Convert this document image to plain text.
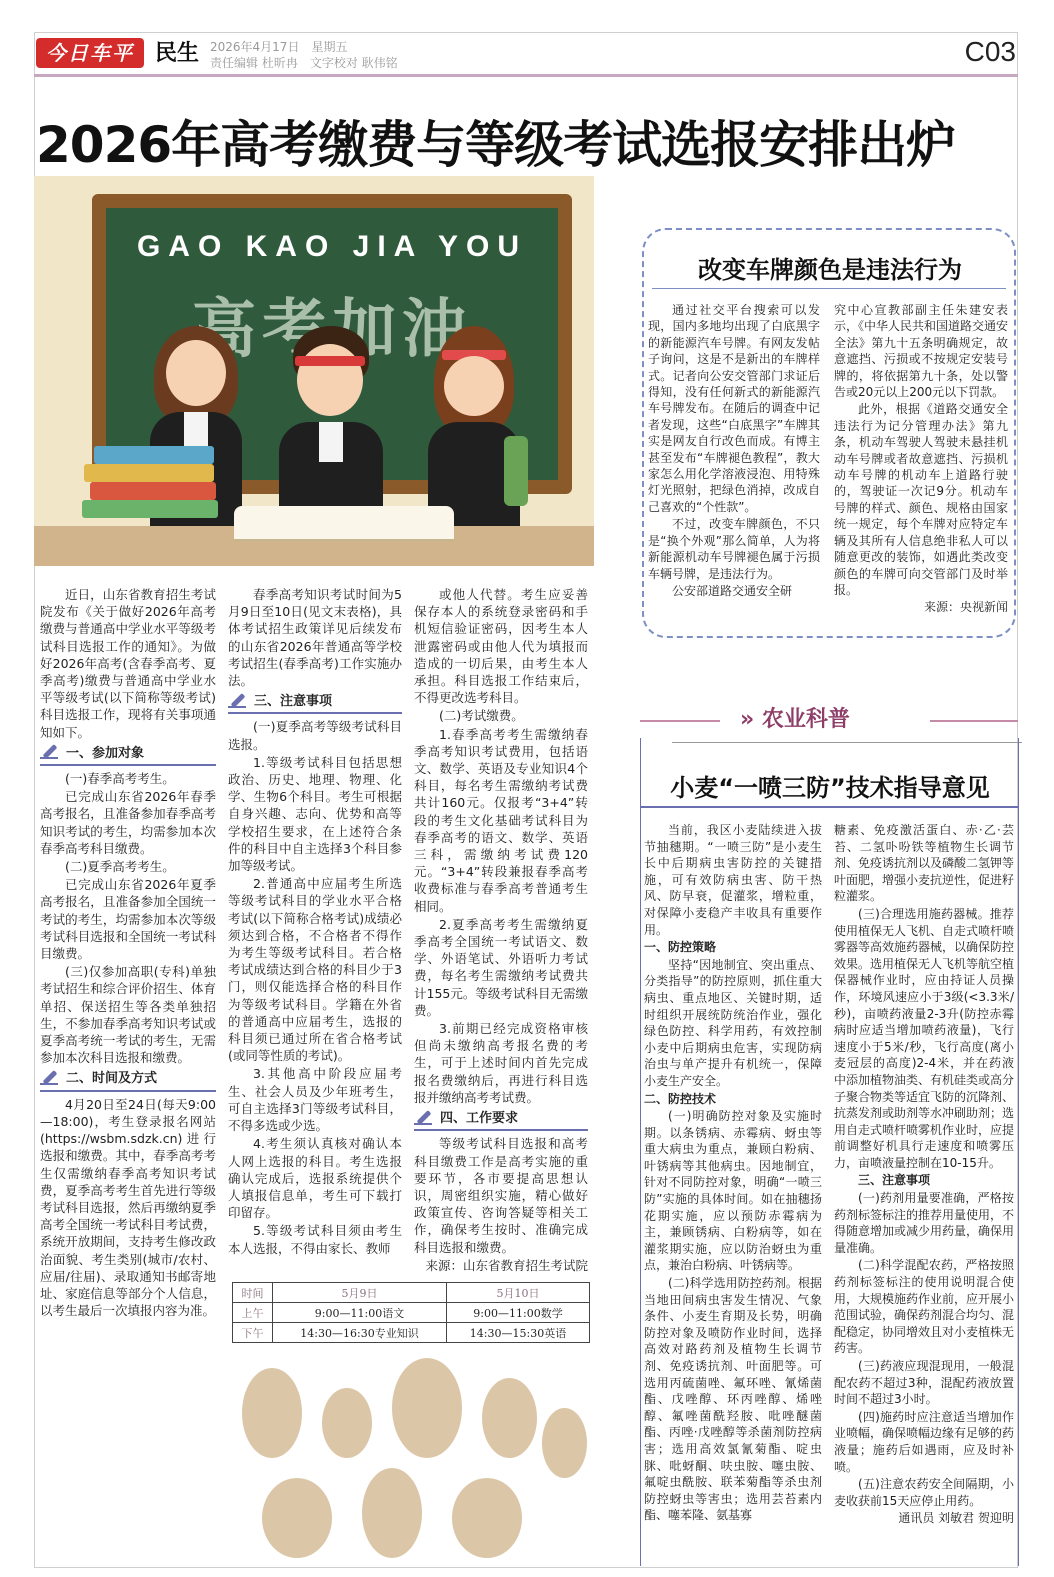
今日车平 民生 2026年4月17日　星期五
责任编辑 杜昕冉　文字校对 耿伟铭	C03
2026年高考缴费与等级考试选报安排出炉
GAO KAO JIA YOU

近日，山东省教育招生考试院发布《关于做好2026年高考缴费与普通高中学业水平等级考试科目选报工作的通知》。为做好2026年高考(含春季高考、夏季高考)缴费与普通高中学业水平等级考试(以下简称等级考试)科目选报工作，现将有关事项通知如下。

一、参加对象

(一)春季高考考生。

已完成山东省2026年春季高考报名，且准备参加春季高考知识考试的考生，均需参加本次春季高考科目缴费。

(二)夏季高考考生。

已完成山东省2026年夏季高考报名，且准备参加全国统一考试的考生，均需参加本次等级考试科目选报和全国统一考试科目缴费。

(三)仅参加高职(专科)单独考试招生和综合评价招生、体育单招、保送招生等各类单独招生，不参加春季高考知识考试或夏季高考统一考试的考生，无需参加本次科目选报和缴费。

二、时间及方式

4月20日至24日(每天9:00—18:00)，考生登录报名网站(https://wsbm.sdzk.cn)进行选报和缴费。其中，春季高考考生仅需缴纳春季高考知识考试费，夏季高考考生首先进行等级考试科目选报，然后再缴纳夏季高考全国统一考试科目考试费，系统开放期间，支持考生修改政治面貌、考生类别(城市/农村、应届/往届)、录取通知书邮寄地址、家庭信息等部分个人信息，以考生最后一次填报内容为准。

春季高考知识考试时间为5月9日至10日(见文末表格)，具体考试招生政策详见后续发布的山东省2026年普通高等学校考试招生(春季高考)工作实施办法。

三、注意事项

(一)夏季高考等级考试科目选报。

1.等级考试科目包括思想政治、历史、地理、物理、化学、生物6个科目。考生可根据自身兴趣、志向、优势和高等学校招生要求，在上述符合条件的科目中自主选择3个科目参加等级考试。

2.普通高中应届考生所选等级考试科目的学业水平合格考试(以下简称合格考试)成绩必须达到合格，不合格者不得作为考生等级考试科目。若合格考试成绩达到合格的科目少于3门，则仅能选择合格的科目作为等级考试科目。学籍在外省的普通高中应届考生，选报的科目须已通过所在省合格考试(或同等性质的考试)。

3.其他高中阶段应届考生、社会人员及少年班考生，可自主选择3门等级考试科目，不得多选或少选。

4.考生须认真核对确认本人网上选报的科目。考生选报确认完成后，选报系统提供个人填报信息单，考生可下载打印留存。

5.等级考试科目须由考生本人选报，不得由家长、教师

或他人代替。考生应妥善保存本人的系统登录密码和手机短信验证密码，因考生本人泄露密码或由他人代为填报而造成的一切后果，由考生本人承担。科目选报工作结束后，不得更改选考科目。

(二)考试缴费。

1.春季高考考生需缴纳春季高考知识考试费用，包括语文、数学、英语及专业知识4个科目，每名考生需缴纳考试费共计160元。仅报考“3+4”转段的考生文化基础考试科目为春季高考的语文、数学、英语三科，需缴纳考试费120元。“3+4”转段兼报春季高考收费标准与春季高考普通考生相同。

2.夏季高考考生需缴纳夏季高考全国统一考试语文、数学、外语笔试、外语听力考试费，每名考生需缴纳考试费共计155元。等级考试科目无需缴费。

3.前期已经完成资格审核但尚未缴纳高考报名费的考生，可于上述时间内首先完成报名费缴纳后，再进行科目选报并缴纳高考考试费。

四、工作要求

等级考试科目选报和高考科目缴费工作是高考实施的重要环节，各市要提高思想认识，周密组织实施，精心做好政策宣传、咨询答疑等相关工作，确保考生按时、准确完成科目选报和缴费。

来源：山东省教育招生考试院

时间	5月9日	5月10日
上午	9:00—11:00语文	9:00—11:00数学
下午	14:30—16:30专业知识	14:30—15:30英语
改变车牌颜色是违法行为

通过社交平台搜索可以发现，国内多地均出现了白底黑字的新能源汽车号牌。有网友发帖子询问，这是不是新出的车牌样式。记者向公安交管部门求证后得知，没有任何新式的新能源汽车号牌发布。在随后的调查中记者发现，这些“白底黑字”车牌其实是网友自行改色而成。有博主甚至发布“车牌褪色教程”，教大家怎么用化学溶液浸泡、用特殊灯光照射，把绿色消掉，改成自己喜欢的“个性款”。

不过，改变车牌颜色，不只是“换个外观”那么简单，人为将新能源机动车号牌褪色属于污损车辆号牌，是违法行为。

公安部道路交通安全研

究中心宣教部副主任朱建安表示，《中华人民共和国道路交通安全法》第九十五条明确规定，故意遮挡、污损或不按规定安装号牌的，将依据第九十条，处以警告或20元以上200元以下罚款。

此外，根据《道路交通安全违法行为记分管理办法》第九条，机动车驾驶人驾驶未悬挂机动车号牌或者故意遮挡、污损机动车号牌的机动车上道路行驶的，驾驶证一次记9分。机动车号牌的样式、颜色、规格由国家统一规定，每个车牌对应特定车辆及其所有人信息绝非私人可以随意更改的装饰，如遇此类改变颜色的车牌可向交管部门及时举报。

来源：央视新闻

» 农业科普
小麦“一喷三防”技术指导意见

当前，我区小麦陆续进入拔节抽穗期。“一喷三防”是小麦生长中后期病虫害防控的关键措施，可有效防病虫害、防干热风、防早衰，促灌浆，增粒重，对保障小麦稳产丰收具有重要作用。

一、防控策略

坚持“因地制宜、突出重点、分类指导”的防控原则，抓住重大病虫、重点地区、关键时期，适时组织开展统防统治作业，强化绿色防控、科学用药，有效控制小麦中后期病虫危害，实现防病治虫与单产提升有机统一，保障小麦生产安全。

二、防控技术

(一)明确防控对象及实施时期。以条锈病、赤霉病、蚜虫等重大病虫为重点，兼顾白粉病、叶锈病等其他病虫。因地制宜，针对不同防控对象，明确“一喷三防”实施的具体时间。如在抽穗扬花期实施，应以预防赤霉病为主，兼顾锈病、白粉病等，如在灌浆期实施，应以防治蚜虫为重点，兼治白粉病、叶锈病等。

(二)科学选用防控药剂。根据当地田间病虫害发生情况、气象条件、小麦生育期及长势，明确防控对象及喷防作业时间，选择高效对路药剂及植物生长调节剂、免疫诱抗剂、叶面肥等。可选用丙硫菌唑、氟环唑、氰烯菌酯、戊唑醇、环丙唑醇、烯唑醇、氟唑菌酰羟胺、吡唑醚菌酯、丙唑·戊唑醇等杀菌剂防控病害；选用高效氯氰菊酯、啶虫脒、吡蚜酮、呋虫胺、噻虫胺、氟啶虫酰胺、联苯菊酯等杀虫剂防控蚜虫等害虫；选用芸苔素内酯、噻苯隆、氨基寡

糖素、免疫激活蛋白、赤·乙·芸苔、二氢卟吩铁等植物生长调节剂、免疫诱抗剂以及磷酸二氢钾等叶面肥，增强小麦抗逆性，促进籽粒灌浆。

(三)合理选用施药器械。推荐使用植保无人飞机、自走式喷杆喷雾器等高效施药器械，以确保防控效果。选用植保无人飞机等航空植保器械作业时，应由持证人员操作，环境风速应小于3级(<3.3米/秒)，亩喷药液量2-3升(防控赤霉病时应适当增加喷药液量)，飞行速度小于5米/秒，飞行高度(离小麦冠层的高度)2-4米，并在药液中添加植物油类、有机硅类或高分子聚合物类等适宜飞防的沉降剂、抗蒸发剂或助剂等水冲刷助剂；选用自走式喷杆喷雾机作业时，应提前调整好机具行走速度和喷雾压力，亩喷液量控制在10-15升。

三、注意事项

(一)药剂用量要准确，严格按药剂标签标注的推荐用量使用，不得随意增加或减少用药量，确保用量准确。

(二)科学混配农药，严格按照药剂标签标注的使用说明混合使用，大规模施药作业前，应开展小范围试验，确保药剂混合均匀、混配稳定，协同增效且对小麦植株无药害。

(三)药液应现混现用，一般混配农药不超过3种，混配药液放置时间不超过3小时。

(四)施药时应注意适当增加作业喷幅，确保喷幅边缘有足够的药液量；施药后如遇雨，应及时补喷。

(五)注意农药安全间隔期，小麦收获前15天应停止用药。

通讯员 刘敏君 贺迎明
